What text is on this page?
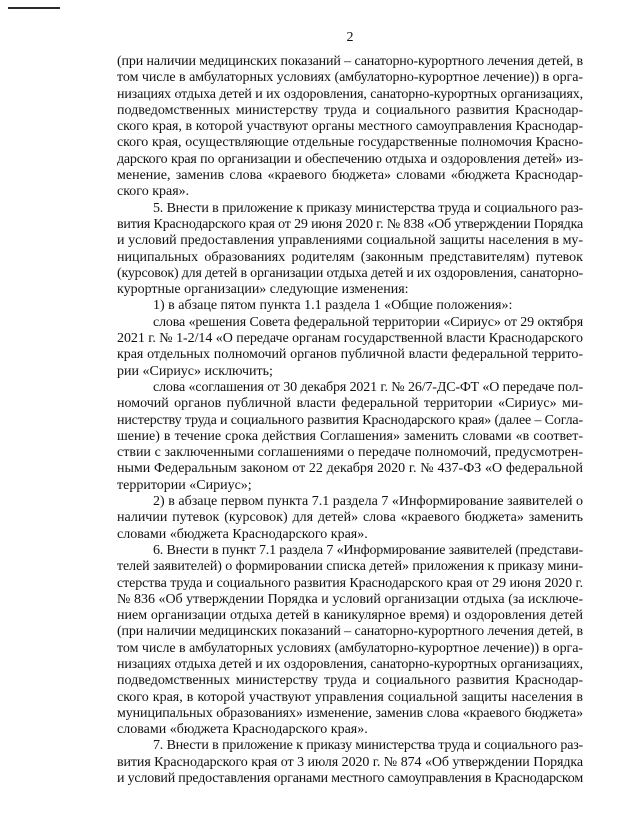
2
(при наличии медицинских показаний – санаторно-курортного лечения детей, в
том числе в амбулаторных условиях (амбулаторно-курортное лечение)) в орга-
низациях отдыха детей и их оздоровления, санаторно-курортных организациях,
подведомственных министерству труда и социального развития Краснодар-
ского края, в которой участвуют органы местного самоуправления Краснодар-
ского края, осуществляющие отдельные государственные полномочия Красно-
дарского края по организации и обеспечению отдыха и оздоровления детей» из-
менение, заменив слова «краевого бюджета» словами «бюджета Краснодар-
ского края».
5. Внести в приложение к приказу министерства труда и социального раз-
вития Краснодарского края от 29 июня 2020 г. № 838 «Об утверждении Порядка
и условий предоставления управлениями социальной защиты населения в му-
ниципальных образованиях родителям (законным представителям) путевок
(курсовок) для детей в организации отдыха детей и их оздоровления, санаторно-
курортные организации» следующие изменения:
1) в абзаце пятом пункта 1.1 раздела 1 «Общие положения»:
слова «решения Совета федеральной территории «Сириус» от 29 октября
2021 г. № 1-2/14 «О передаче органам государственной власти Краснодарского
края отдельных полномочий органов публичной власти федеральной террито-
рии «Сириус» исключить;
слова «соглашения от 30 декабря 2021 г. № 26/7-ДС-ФТ «О передаче пол-
номочий органов публичной власти федеральной территории «Сириус» ми-
нистерству труда и социального развития Краснодарского края» (далее – Согла-
шение) в течение срока действия Соглашения» заменить словами «в соответ-
ствии с заключенными соглашениями о передаче полномочий, предусмотрен-
ными Федеральным законом от 22 декабря 2020 г. № 437-ФЗ «О федеральной
территории «Сириус»;
2) в абзаце первом пункта 7.1 раздела 7 «Информирование заявителей о
наличии путевок (курсовок) для детей» слова «краевого бюджета» заменить
словами «бюджета Краснодарского края».
6. Внести в пункт 7.1 раздела 7 «Информирование заявителей (представи-
телей заявителей) о формировании списка детей» приложения к приказу мини-
стерства труда и социального развития Краснодарского края от 29 июня 2020 г.
№ 836 «Об утверждении Порядка и условий организации отдыха (за исключе-
нием организации отдыха детей в каникулярное время) и оздоровления детей
(при наличии медицинских показаний – санаторно-курортного лечения детей, в
том числе в амбулаторных условиях (амбулаторно-курортное лечение)) в орга-
низациях отдыха детей и их оздоровления, санаторно-курортных организациях,
подведомственных министерству труда и социального развития Краснодар-
ского края, в которой участвуют управления социальной защиты населения в
муниципальных образованиях» изменение, заменив слова «краевого бюджета»
словами «бюджета Краснодарского края».
7. Внести в приложение к приказу министерства труда и социального раз-
вития Краснодарского края от 3 июля 2020 г. № 874 «Об утверждении Порядка
и условий предоставления органами местного самоуправления в Краснодарском
